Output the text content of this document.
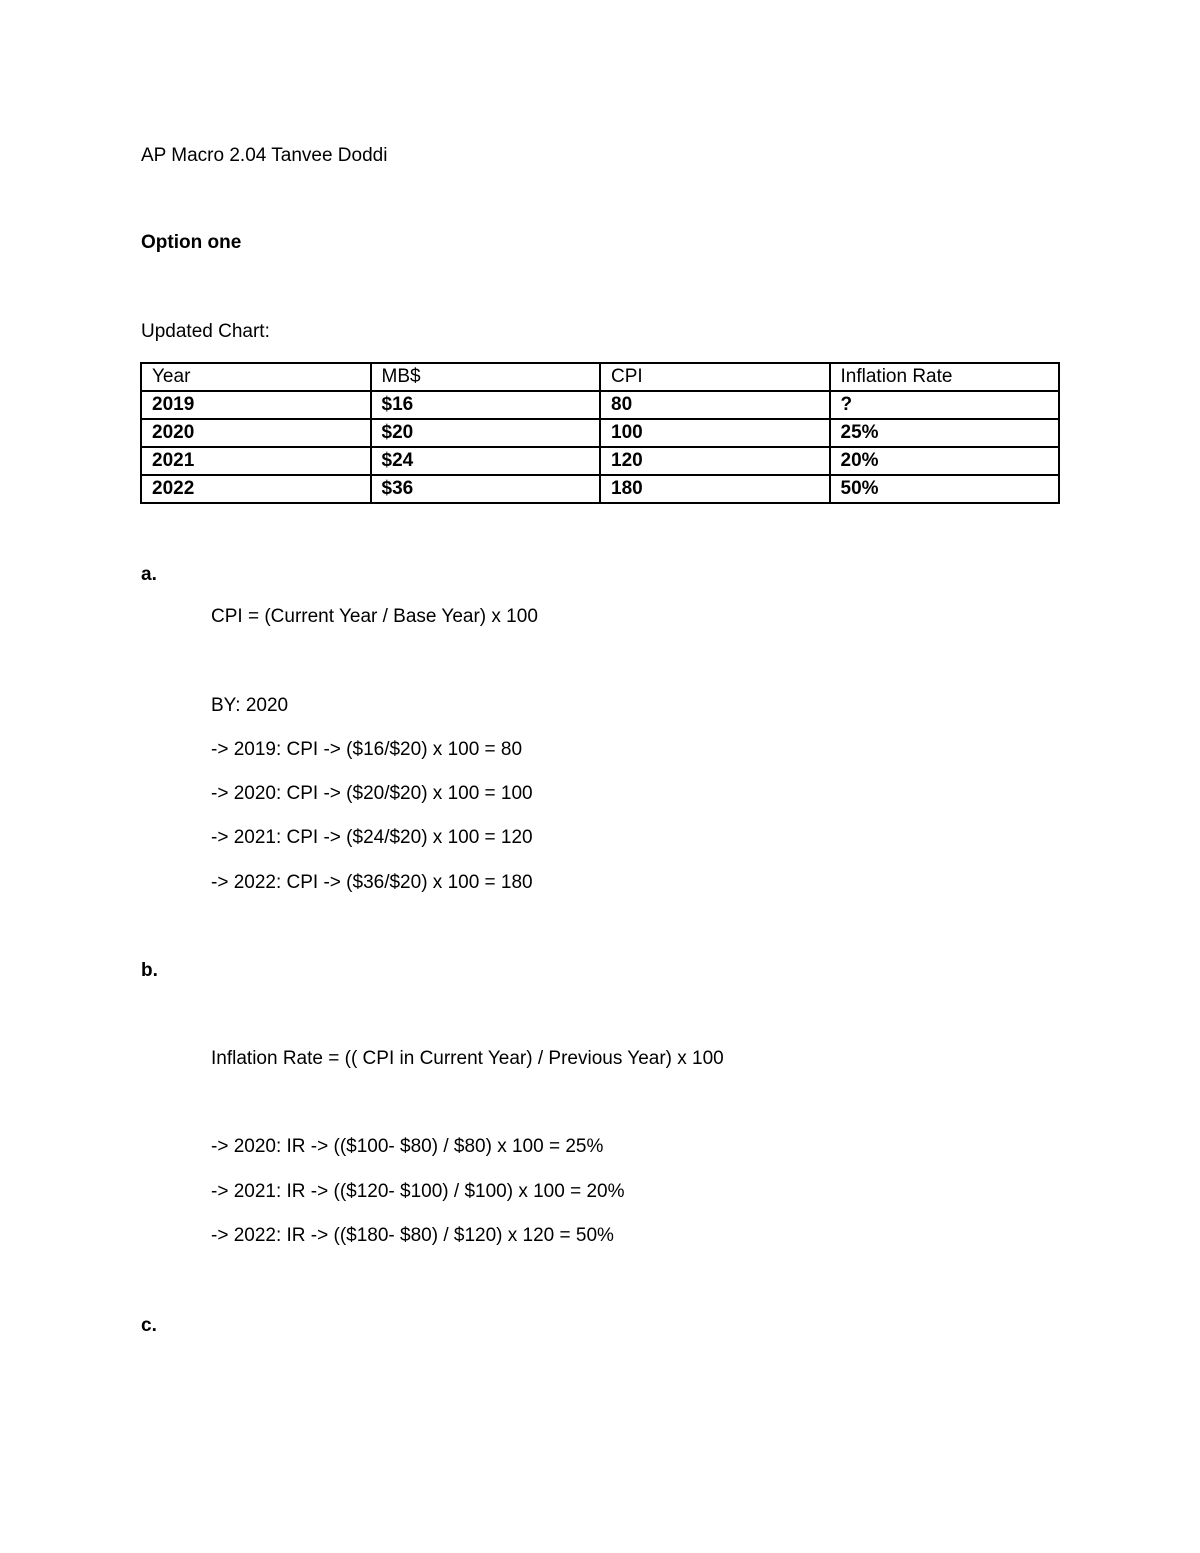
AP Macro 2.04 Tanvee Doddi
Option one
Updated Chart:
Year	MB$	CPI	Inflation Rate
2019	$16	80	?
2020	$20	100	25%
2021	$24	120	20%
2022	$36	180	50%
a.
CPI = (Current Year / Base Year) x 100
BY: 2020
-> 2019: CPI -> ($16/$20) x 100 = 80
-> 2020: CPI -> ($20/$20) x 100 = 100
-> 2021: CPI -> ($24/$20) x 100 = 120
-> 2022: CPI -> ($36/$20) x 100 = 180
b.
Inflation Rate = (( CPI in Current Year) / Previous Year) x 100
-> 2020: IR -> (($100- $80) / $80) x 100 = 25%
-> 2021: IR -> (($120- $100) / $100) x 100 = 20%
-> 2022: IR -> (($180- $80) / $120) x 120 = 50%
c.
